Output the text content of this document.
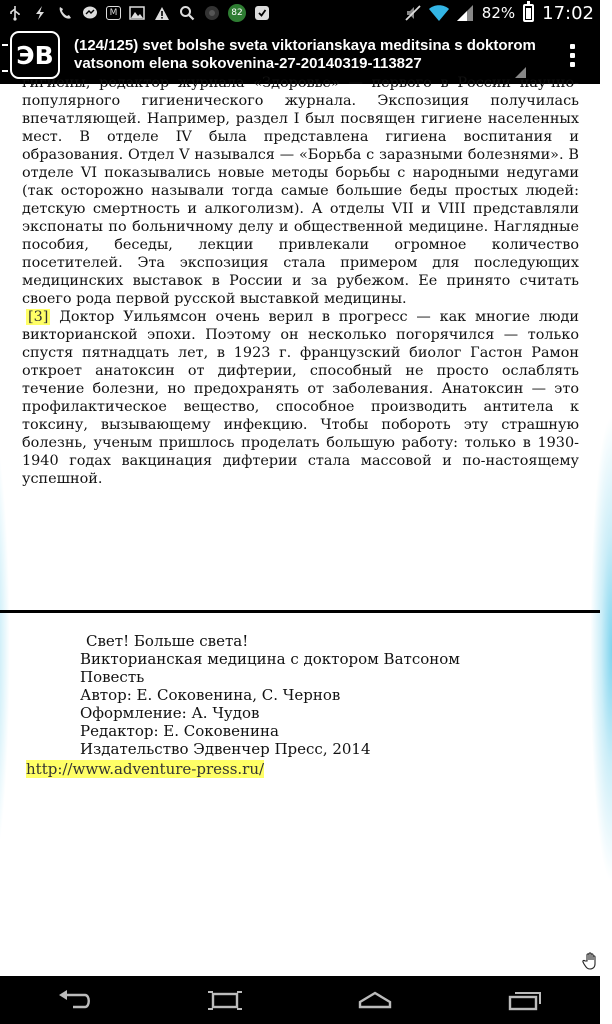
M	82	82% 17:02
ЭВ (124/125) svet bolshe sveta viktorianskaya meditsina s doktorom vatsonom elena sokovenina-27-20140319-113827

гигиены, редактор журнала «Здоровье» — первого в России научно-популярного гигиенического журнала. Экспозиция получилась впечатляющей. Например, раздел I был посвящен гигиене населенных мест. В отделе IV была представлена гигиена воспитания и образования. Отдел V назывался — «Борьба с заразными болезнями». В отделе VI показывались новые методы борьбы с народными недугами (так осторожно называли тогда самые большие беды простых людей: детскую смертность и алкоголизм). А отделы VII и VIII представляли экспонаты по больничному делу и общественной медицине. Наглядные пособия, беседы, лекции привлекали огромное количество посетителей. Эта экспозиция стала примером для последующих медицинских выставок в России и за рубежом. Ее принято считать своего рода первой русской выставкой медицины.

[3] Доктор Уильямсон очень верил в прогресс — как многие люди викторианской эпохи. Поэтому он несколько погорячился — только спустя пятнадцать лет, в 1923 г. французский биолог Гастон Рамон откроет анатоксин от дифтерии, способный не просто ослаблять течение болезни, но предохранять от заболевания. Анатоксин — это профилактическое вещество, способное производить антитела к токсину, вызывающему инфекцию. Чтобы побороть эту страшную болезнь, ученым пришлось проделать большую работу: только в 1930-1940 годах вакцинация дифтерии стала массовой и по-настоящему успешной.

Свет! Больше света!
Викторианская медицина с доктором Ватсоном
Повесть
Автор: Е. Соковенина, С. Чернов
Оформление: А. Чудов
Редактор: Е. Соковенина
Издательство Эдвенчер Пресс, 2014
http://www.adventure-press.ru/
